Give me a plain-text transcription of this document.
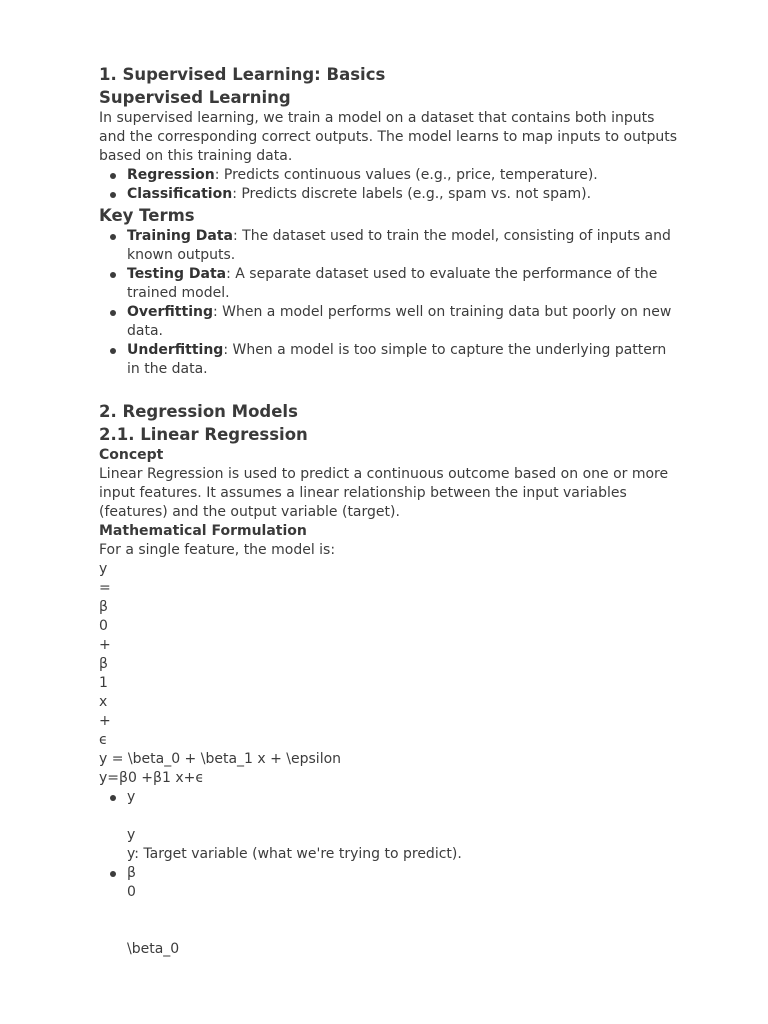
1. Supervised Learning: Basics
Supervised Learning

In supervised learning, we train a model on a dataset that contains both inputs and the corresponding correct outputs. The model learns to map inputs to outputs based on this training data.

Regression: Predicts continuous values (e.g., price, temperature).
Classification: Predicts discrete labels (e.g., spam vs. not spam).
Key Terms
Training Data: The dataset used to train the model, consisting of inputs and known outputs.
Testing Data: A separate dataset used to evaluate the performance of the trained model.
Overfitting: When a model performs well on training data but poorly on new data.
Underfitting: When a model is too simple to capture the underlying pattern in the data.
2. Regression Models
2.1. Linear Regression
Concept

Linear Regression is used to predict a continuous outcome based on one or more input features. It assumes a linear relationship between the input variables (features) and the output variable (target).

Mathematical Formulation

For a single feature, the model is:

y
=
β
0
+
β
1
x
+
ϵ
y = \beta_0 + \beta_1 x + \epsilon
y=β0 +β1 x+ϵ
y
y
y: Target variable (what we're trying to predict).
β
0
\beta_0
